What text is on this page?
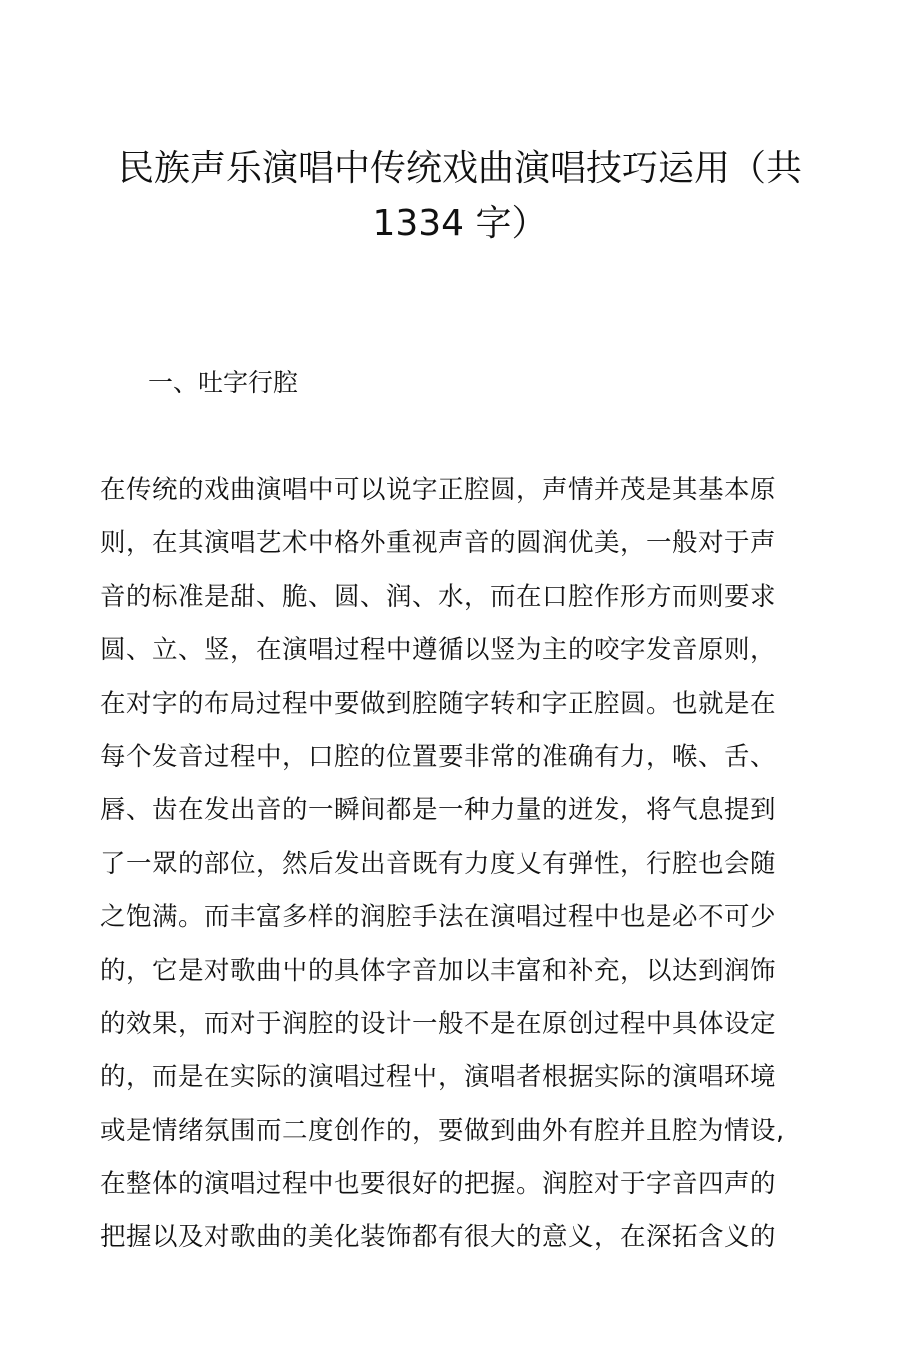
民族声乐演唱中传统戏曲演唱技巧运用（共
1334 字）
一、吐字行腔
在传统的戏曲演唱中可以说字正腔圆，声情并茂是其基本原
则，在其演唱艺术中格外重视声音的圆润优美，一般对于声
音的标准是甜、脆、圆、润、水，而在口腔作形方而则要求
圆、立、竖，在演唱过程中遵循以竖为主的咬字发音原则，
在对字的布局过程中要做到腔随字转和字正腔圆。也就是在
每个发音过程中，口腔的位置要非常的准确有力，喉、舌、
唇、齿在发出音的一瞬间都是一种力量的迸发，将气息提到
了一眾的部位，然后发出音既有力度乂有弹性，行腔也会随
之饱满。而丰富多样的润腔手法在演唱过程中也是必不可少
的，它是对歌曲屮的具体字音加以丰富和补充，以达到润饰
的效果，而对于润腔的设计一般不是在原创过程中具体设定
的，而是在实际的演唱过程屮，演唱者根据实际的演唱环境
或是情绪氛围而二度创作的，要做到曲外有腔并且腔为情设,
在整体的演唱过程中也要很好的把握。润腔对于字音四声的
把握以及对歌曲的美化装饰都有很大的意义，在深拓含义的
